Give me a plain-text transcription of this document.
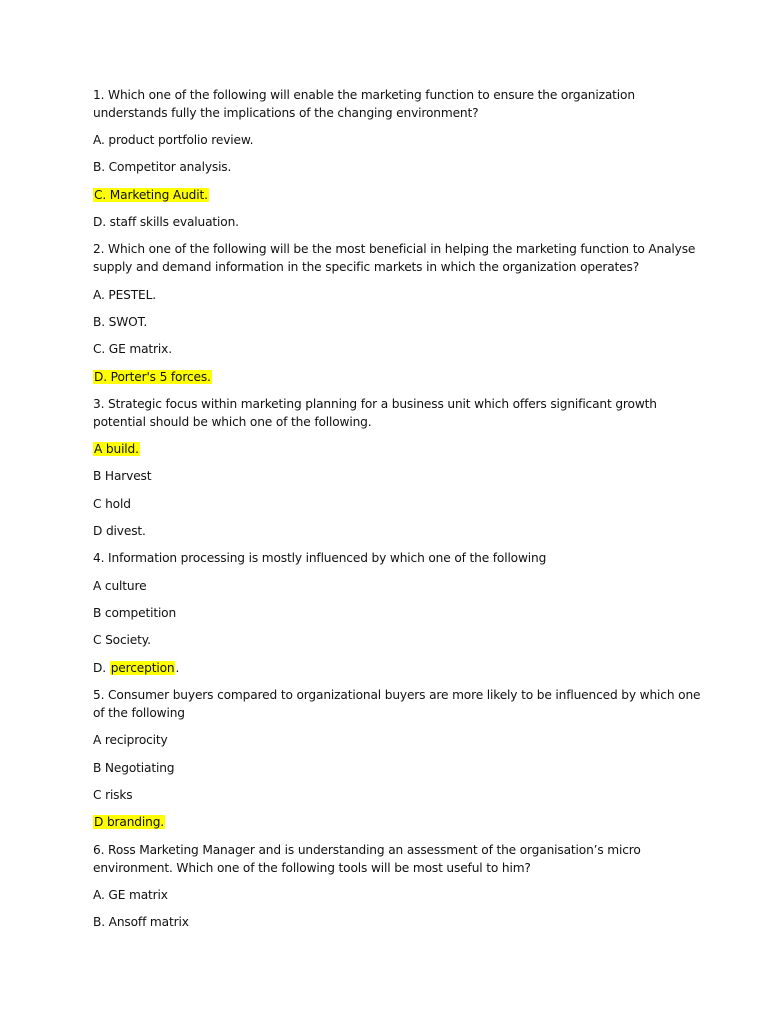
1. Which one of the following will enable the marketing function to ensure the organization

understands fully the implications of the changing environment?

A. product portfolio review.

B. Competitor analysis.

C. Marketing Audit.

D. staff skills evaluation.

2. Which one of the following will be the most beneficial in helping the marketing function to Analyse

supply and demand information in the specific markets in which the organization operates?

A. PESTEL.

B. SWOT.

C. GE matrix.

D. Porter's 5 forces.

3. Strategic focus within marketing planning for a business unit which offers significant growth

potential should be which one of the following.

A build.

B Harvest

C hold

D divest.

4. Information processing is mostly influenced by which one of the following

A culture

B competition

C Society.

D. perception.

5. Consumer buyers compared to organizational buyers are more likely to be influenced by which one

of the following

A reciprocity

B Negotiating

C risks

D branding.

6. Ross Marketing Manager and is understanding an assessment of the organisation’s micro

environment. Which one of the following tools will be most useful to him?

A. GE matrix

B. Ansoff matrix
